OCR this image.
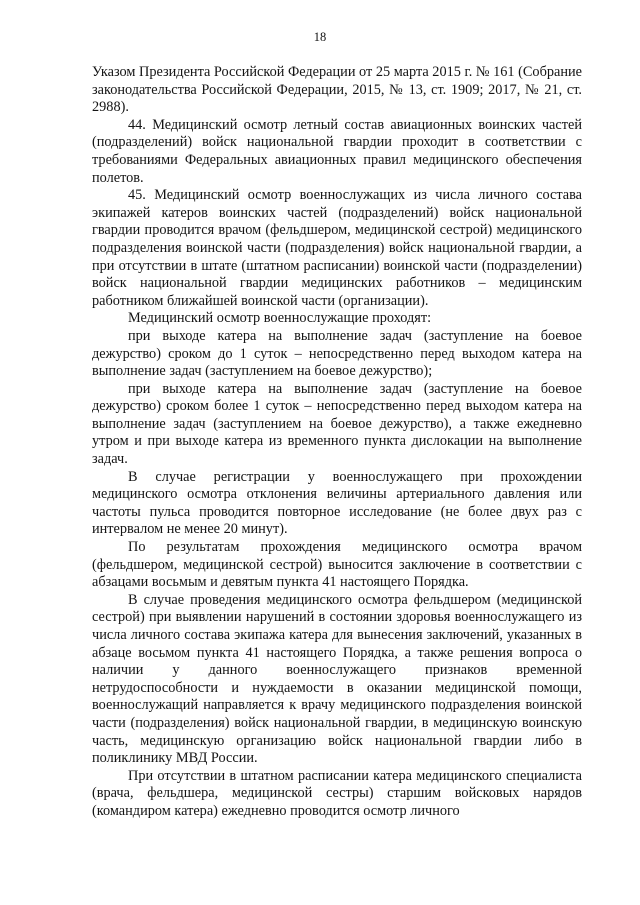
18

Указом Президента Российской Федерации от 25 марта 2015 г. № 161 (Собрание законодательства Российской Федерации, 2015, № 13, ст. 1909; 2017, № 21, ст. 2988).

44. Медицинский осмотр летный состав авиационных воинских частей (подразделений) войск национальной гвардии проходит в соответствии с требованиями Федеральных авиационных правил медицинского обеспечения полетов.

45. Медицинский осмотр военнослужащих из числа личного состава экипажей катеров воинских частей (подразделений) войск национальной гвардии проводится врачом (фельдшером, медицинской сестрой) медицинского подразделения воинской части (подразделения) войск национальной гвардии, а при отсутствии в штате (штатном расписании) воинской части (подразделении) войск национальной гвардии медицинских работников – медицинским работником ближайшей воинской части (организации).

Медицинский осмотр военнослужащие проходят:

при выходе катера на выполнение задач (заступление на боевое дежурство) сроком до 1 суток – непосредственно перед выходом катера на выполнение задач (заступлением на боевое дежурство);

при выходе катера на выполнение задач (заступление на боевое дежурство) сроком более 1 суток – непосредственно перед выходом катера на выполнение задач (заступлением на боевое дежурство), а также ежедневно утром и при выходе катера из временного пункта дислокации на выполнение задач.

В случае регистрации у военнослужащего при прохождении медицинского осмотра отклонения величины артериального давления или частоты пульса проводится повторное исследование (не более двух раз с интервалом не менее 20 минут).

По результатам прохождения медицинского осмотра врачом (фельдшером, медицинской сестрой) выносится заключение в соответствии с абзацами восьмым и девятым пункта 41 настоящего Порядка.

В случае проведения медицинского осмотра фельдшером (медицинской сестрой) при выявлении нарушений в состоянии здоровья военнослужащего из числа личного состава экипажа катера для вынесения заключений, указанных в абзаце восьмом пункта 41 настоящего Порядка, а также решения вопроса о наличии у данного военнослужащего признаков временной нетрудоспособности и нуждаемости в оказании медицинской помощи, военнослужащий направляется к врачу медицинского подразделения воинской части (подразделения) войск национальной гвардии, в медицинскую воинскую часть, медицинскую организацию войск национальной гвардии либо в поликлинику МВД России.

При отсутствии в штатном расписании катера медицинского специалиста (врача, фельдшера, медицинской сестры) старшим войсковых нарядов (командиром катера) ежедневно проводится осмотр личного
